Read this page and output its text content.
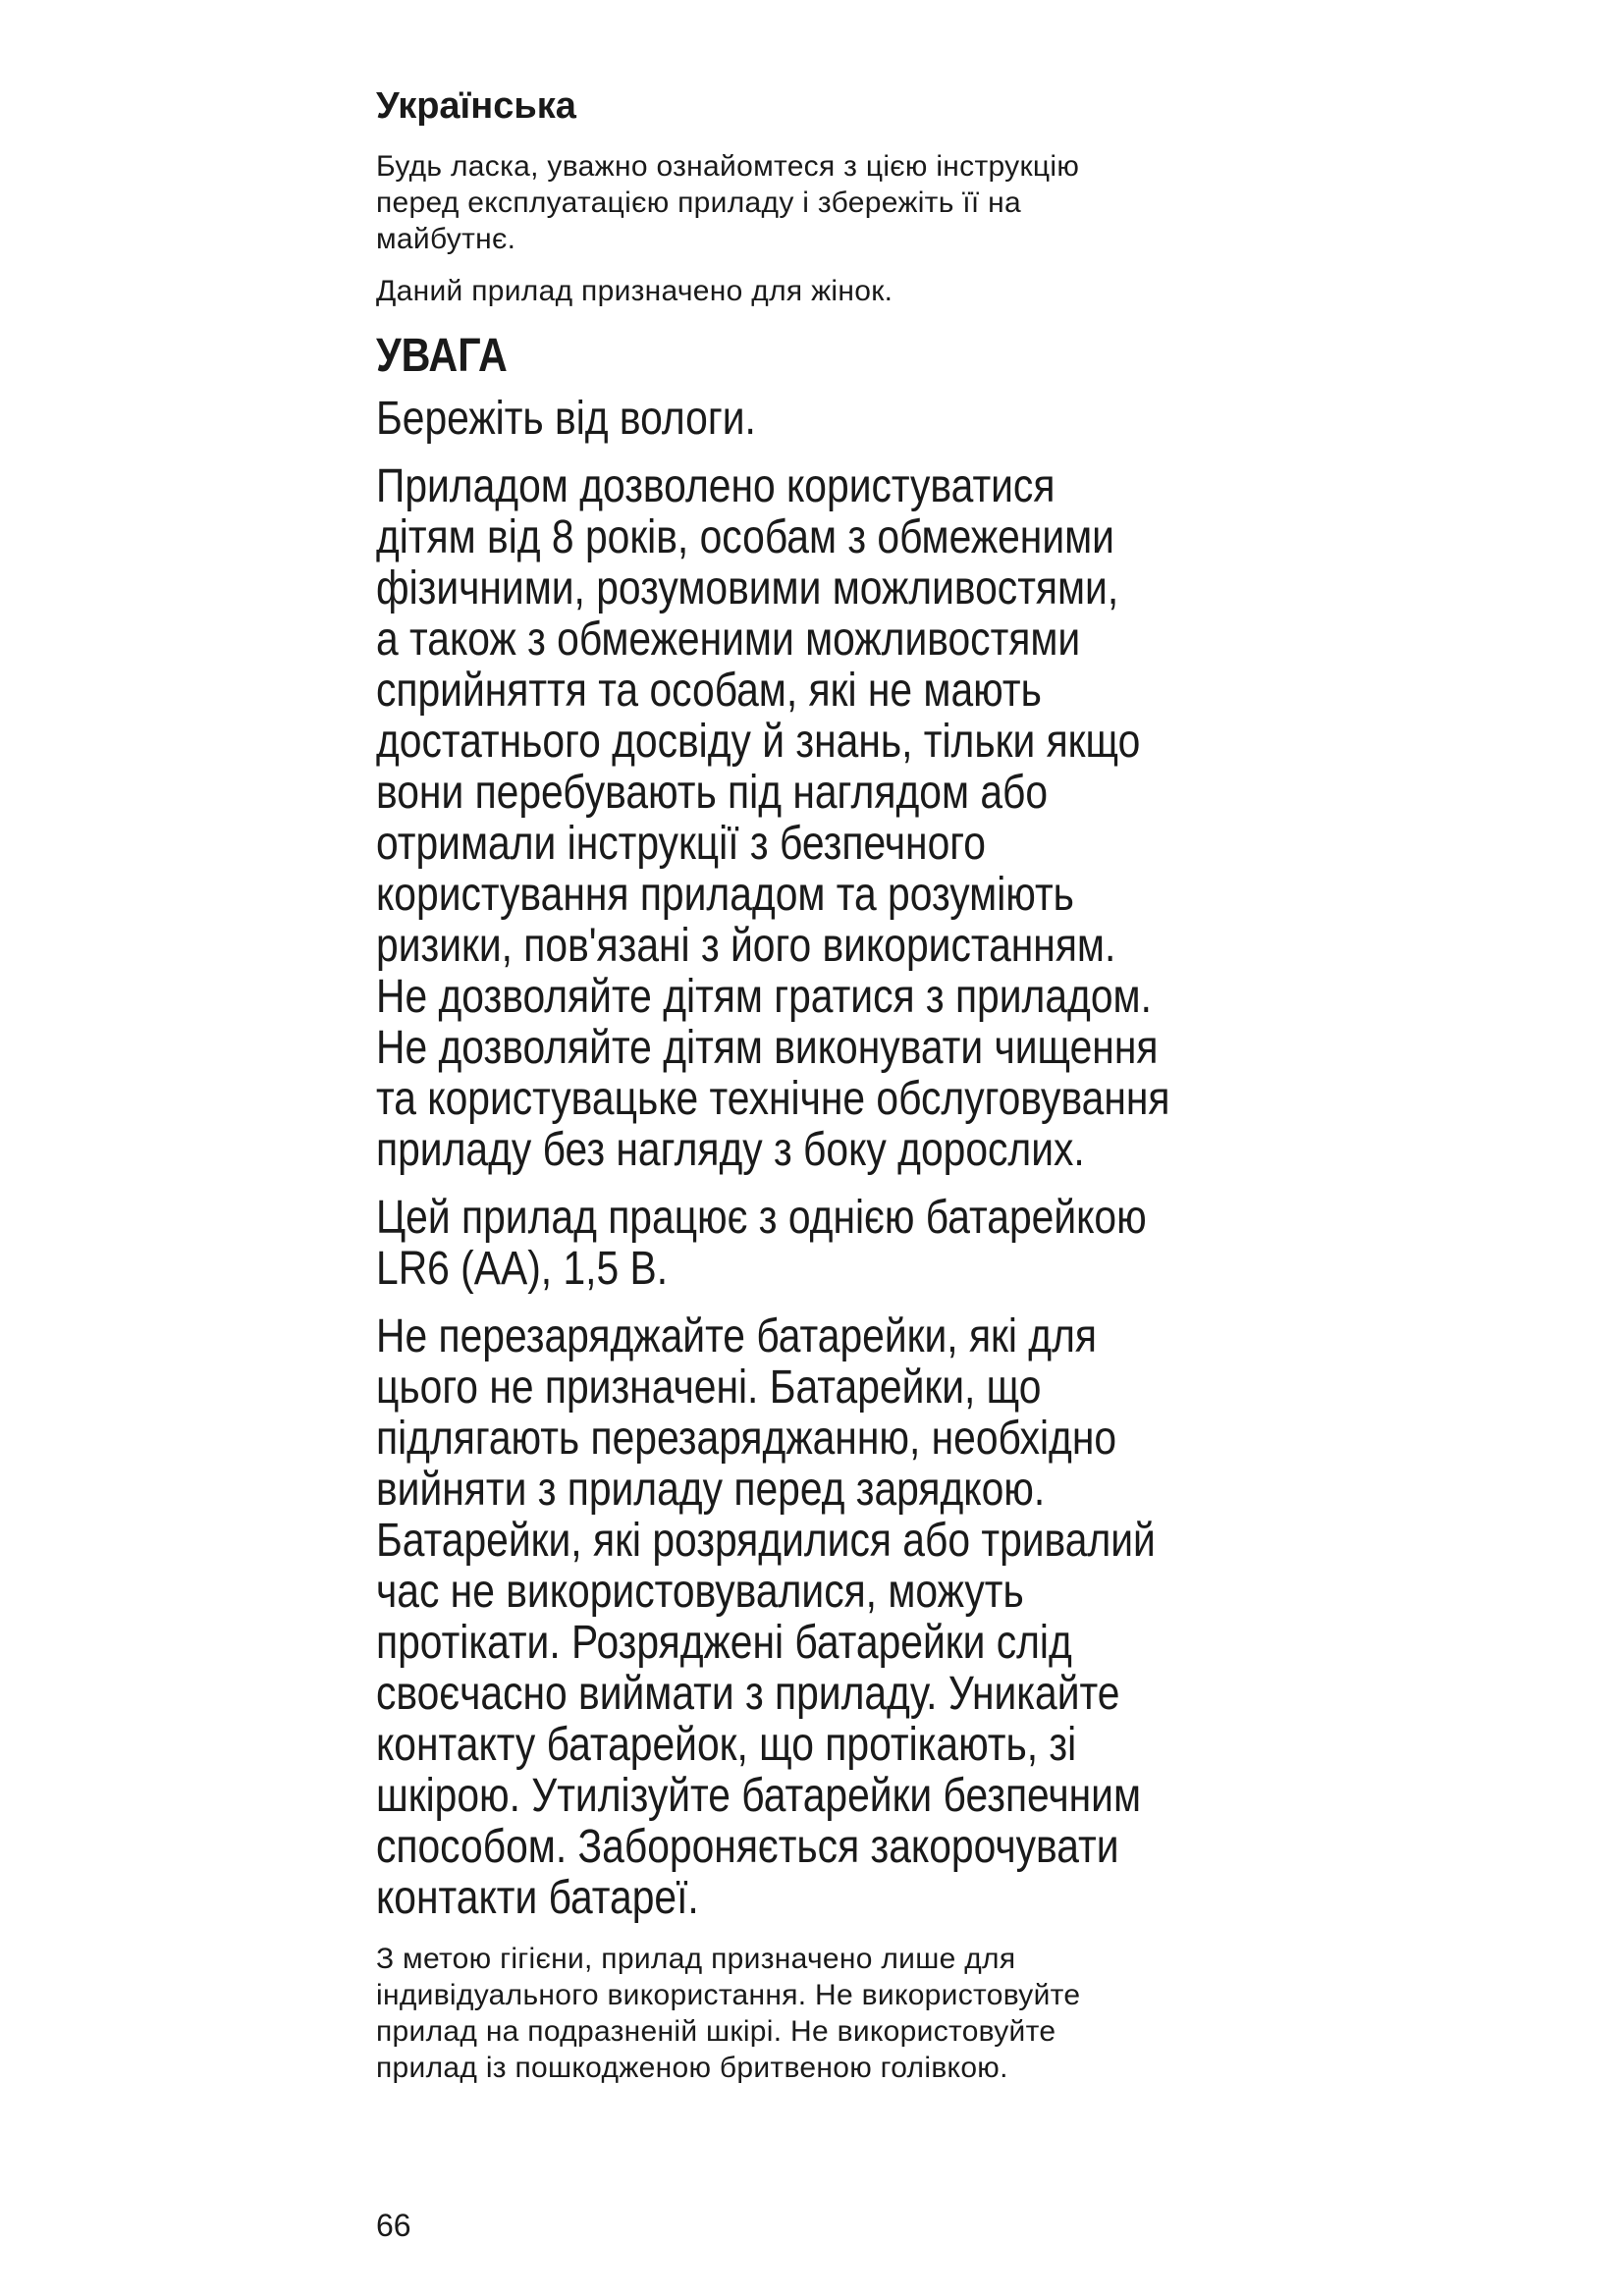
Українська

Будь ласка, уважно ознайомтеся з цією інструкцію
перед експлуатацією приладу і збережіть її на
майбутнє.

Даний прилад призначено для жінок.

УВАГА

Бережіть від вологи.

Приладом дозволено користуватися
дітям від 8 років, особам з обмеженими
фізичними, розумовими можливостями,
а також з обмеженими можливостями
сприйняття та особам, які не мають
достатнього досвіду й знань, тільки якщо
вони перебувають під наглядом або
отримали інструкції з безпечного
користування приладом та розуміють
ризики, пов'язані з його використанням.
Не дозволяйте дітям гратися з приладом.
Не дозволяйте дітям виконувати чищення
та користувацьке технічне обслуговування
приладу без нагляду з боку дорослих.

Цей прилад працює з однією батарейкою
LR6 (AA), 1,5 В.

Не перезаряджайте батарейки, які для
цього не призначені. Батарейки, що
підлягають перезаряджанню, необхідно
вийняти з приладу перед зарядкою.
Батарейки, які розрядилися або тривалий
час не використовувалися, можуть
протікати. Розряджені батарейки слід
своєчасно виймати з приладу. Уникайте
контакту батарейок, що протікають, зі
шкірою. Утилізуйте батарейки безпечним
способом. Забороняється закорочувати
контакти батареї.

З метою гігієни, прилад призначено лише для
індивідуального використання. Не використовуйте
прилад на подразненій шкірі. Не використовуйте
прилад із пошкодженою бритвеною голівкою.

66
